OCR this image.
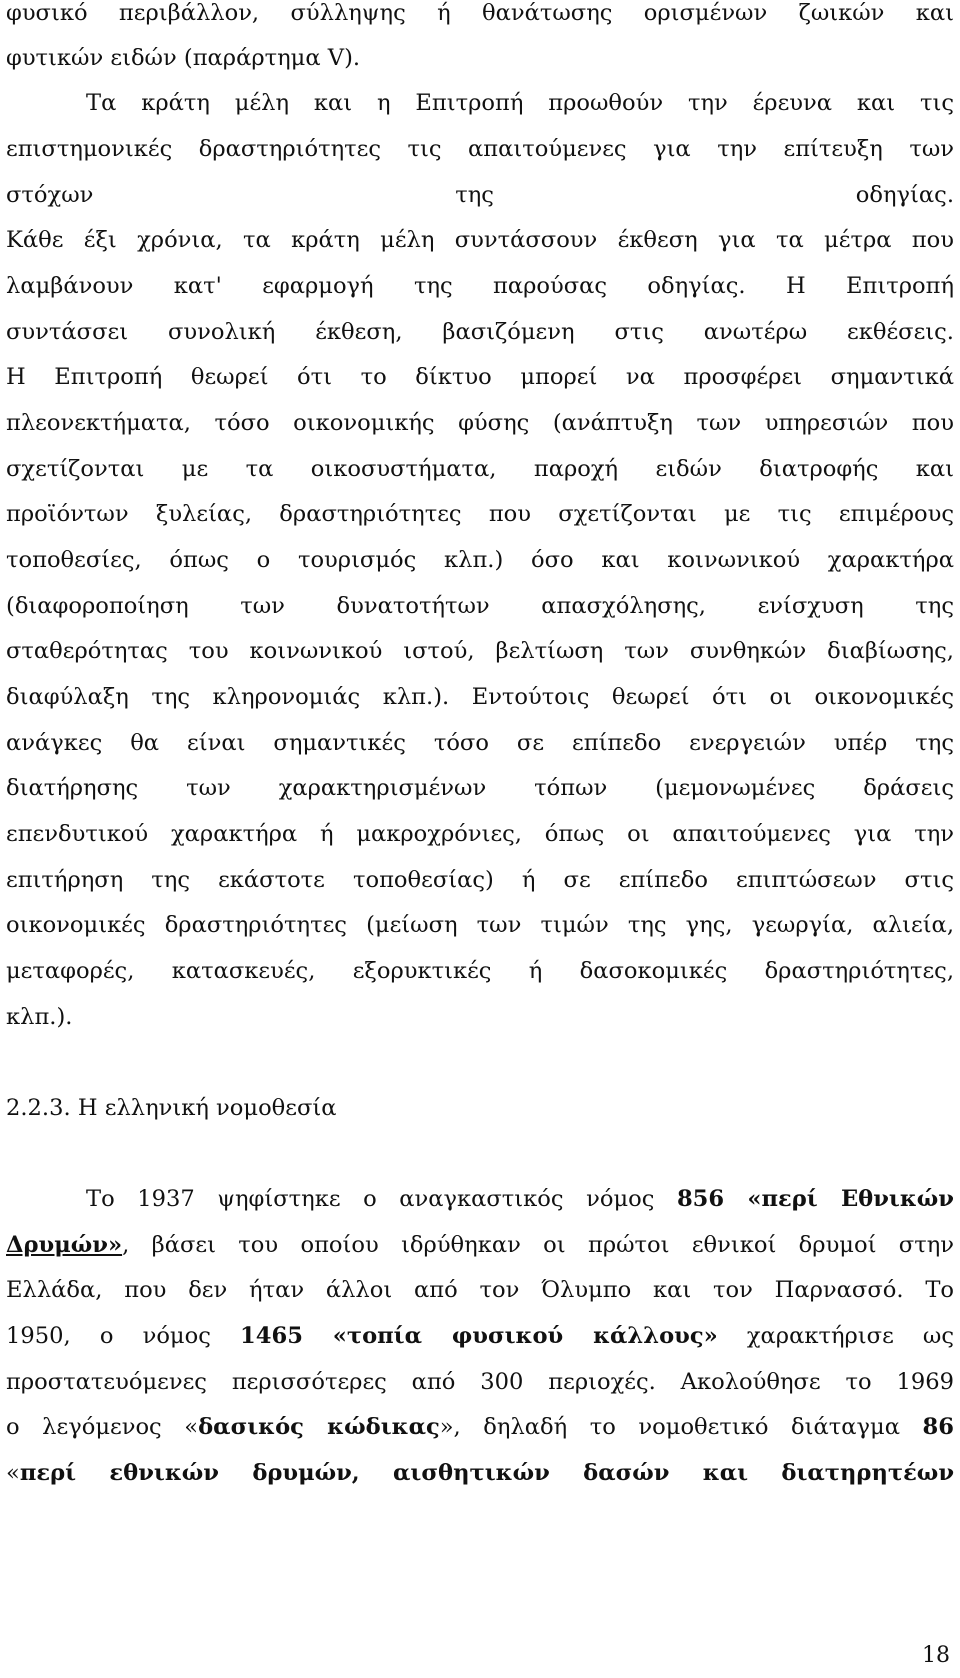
φυσικό περιβάλλον, σύλληψης ή θανάτωσης ορισμένων ζωικών και
φυτικών ειδών (παράρτημα V).
Τα κράτη μέλη και η Επιτροπή προωθούν την έρευνα και τις
επιστημονικές δραστηριότητες τις απαιτούμενες για την επίτευξη των
στόχων της οδηγίας.
Κάθε έξι χρόνια, τα κράτη μέλη συντάσσουν έκθεση για τα μέτρα που
λαμβάνουν κατ' εφαρμογή της παρούσας οδηγίας. Η Επιτροπή
συντάσσει συνολική έκθεση, βασιζόμενη στις ανωτέρω εκθέσεις.
Η Επιτροπή θεωρεί ότι το δίκτυο μπορεί να προσφέρει σημαντικά
πλεονεκτήματα, τόσο οικονομικής φύσης (ανάπτυξη των υπηρεσιών που
σχετίζονται με τα οικοσυστήματα, παροχή ειδών διατροφής και
προϊόντων ξυλείας, δραστηριότητες που σχετίζονται με τις επιμέρους
τοποθεσίες, όπως ο τουρισμός κλπ.) όσο και κοινωνικού χαρακτήρα
(διαφοροποίηση των δυνατοτήτων απασχόλησης, ενίσχυση της
σταθερότητας του κοινωνικού ιστού, βελτίωση των συνθηκών διαβίωσης,
διαφύλαξη της κληρονομιάς κλπ.). Εντούτοις θεωρεί ότι οι οικονομικές
ανάγκες θα είναι σημαντικές τόσο σε επίπεδο ενεργειών υπέρ της
διατήρησης των χαρακτηρισμένων τόπων (μεμονωμένες δράσεις
επενδυτικού χαρακτήρα ή μακροχρόνιες, όπως οι απαιτούμενες για την
επιτήρηση της εκάστοτε τοποθεσίας) ή σε επίπεδο επιπτώσεων στις
οικονομικές δραστηριότητες (μείωση των τιμών της γης, γεωργία, αλιεία,
μεταφορές, κατασκευές, εξορυκτικές ή δασοκομικές δραστηριότητες,
κλπ.).
2.2.3. Η ελληνική νομοθεσία
Το 1937 ψηφίστηκε ο αναγκαστικός νόμος 856 «περί Εθνικών
Δρυμών», βάσει του οποίου ιδρύθηκαν οι πρώτοι εθνικοί δρυμοί στην
Ελλάδα, που δεν ήταν άλλοι από τον Όλυμπο και τον Παρνασσό. Το
1950, ο νόμος 1465 «τοπία φυσικού κάλλους» χαρακτήρισε ως
προστατευόμενες περισσότερες από 300 περιοχές. Ακολούθησε το 1969
ο λεγόμενος «δασικός κώδικας», δηλαδή το νομοθετικό διάταγμα 86
«περί εθνικών δρυμών, αισθητικών δασών και διατηρητέων
18
